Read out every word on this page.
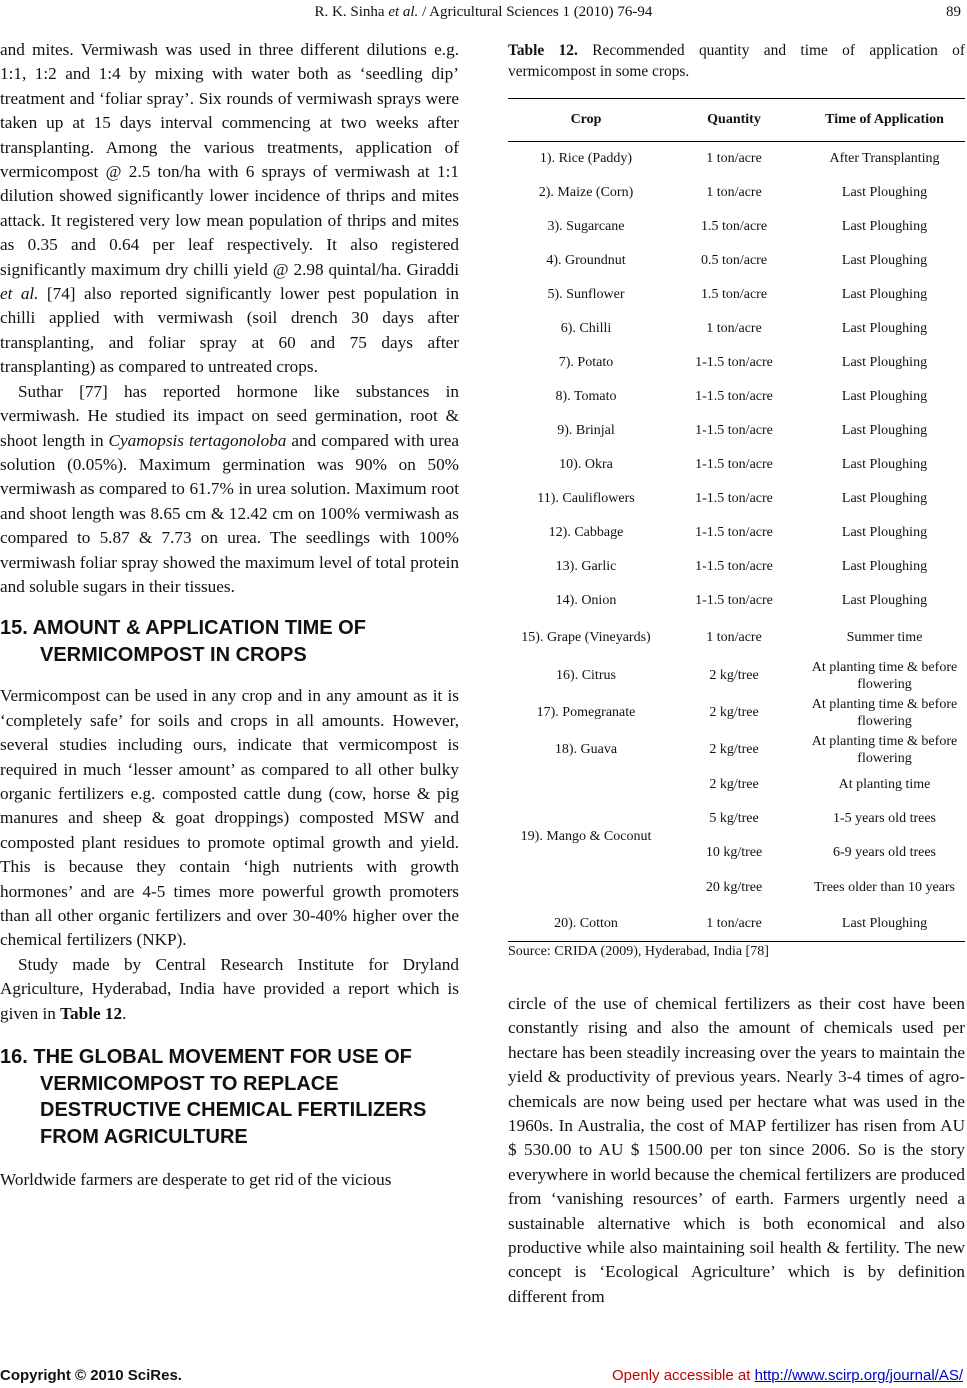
R. K. Sinha et al. / Agricultural Sciences 1 (2010) 76-94	89

and mites. Vermiwash was used in three different dilutions e.g. 1:1, 1:2 and 1:4 by mixing with water both as ‘seedling dip’ treatment and ‘foliar spray’. Six rounds of vermiwash sprays were taken up at 15 days interval commencing at two weeks after transplanting. Among the various treatments, application of vermicompost @ 2.5 ton/ha with 6 sprays of vermiwash at 1:1 dilution showed significantly lower incidence of thrips and mites attack. It registered very low mean population of thrips and mites as 0.35 and 0.64 per leaf respectively. It also registered significantly maximum dry chilli yield @ 2.98 quintal/ha. Giraddi et al. [74] also reported significantly lower pest population in chilli applied with vermiwash (soil drench 30 days after transplanting, and foliar spray at 60 and 75 days after transplanting) as compared to untreated crops.

Suthar [77] has reported hormone like substances in vermiwash. He studied its impact on seed germination, root & shoot length in Cyamopsis tertagonoloba and compared with urea solution (0.05%). Maximum germination was 90% on 50% vermiwash as compared to 61.7% in urea solution. Maximum root and shoot length was 8.65 cm & 12.42 cm on 100% vermiwash as compared to 5.87 & 7.73 on urea. The seedlings with 100% vermiwash foliar spray showed the maximum level of total protein and soluble sugars in their tissues.

15. AMOUNT & APPLICATION TIME OF VERMICOMPOST IN CROPS

Vermicompost can be used in any crop and in any amount as it is ‘completely safe’ for soils and crops in all amounts. However, several studies including ours, indicate that vermicompost is required in much ‘lesser amount’ as compared to all other bulky organic fertilizers e.g. composted cattle dung (cow, horse & pig manures and sheep & goat droppings) composted MSW and composted plant residues to promote optimal growth and yield. This is because they contain ‘high nutrients with growth hormones’ and are 4-5 times more powerful growth promoters than all other organic fertilizers and over 30-40% higher over the chemical fertilizers (NKP).

Study made by Central Research Institute for Dryland Agriculture, Hyderabad, India have provided a report which is given in Table 12.

16. THE GLOBAL MOVEMENT FOR USE OF VERMICOMPOST TO REPLACE DESTRUCTIVE CHEMICAL FERTILIZERS FROM AGRICULTURE

Worldwide farmers are desperate to get rid of the vicious

Table 12. Recommended quantity and time of application of vermicompost in some crops.
Crop	Quantity	Time of Application
1). Rice (Paddy)	1 ton/acre	After Transplanting
2). Maize (Corn)	1 ton/acre	Last Ploughing
3). Sugarcane	1.5 ton/acre	Last Ploughing
4). Groundnut	0.5 ton/acre	Last Ploughing
5). Sunflower	1.5 ton/acre	Last Ploughing
6). Chilli	1 ton/acre	Last Ploughing
7). Potato	1-1.5 ton/acre	Last Ploughing
8). Tomato	1-1.5 ton/acre	Last Ploughing
9). Brinjal	1-1.5 ton/acre	Last Ploughing
10). Okra	1-1.5 ton/acre	Last Ploughing
11). Cauliflowers	1-1.5 ton/acre	Last Ploughing
12). Cabbage	1-1.5 ton/acre	Last Ploughing
13). Garlic	1-1.5 ton/acre	Last Ploughing
14). Onion	1-1.5 ton/acre	Last Ploughing
15). Grape (Vineyards)	1 ton/acre	Summer time
16). Citrus	2 kg/tree	At planting time & before flowering
17). Pomegranate	2 kg/tree	At planting time & before flowering
18). Guava	2 kg/tree	At planting time & before flowering
19). Mango & Coconut	2 kg/tree	At planting time
	5 kg/tree	1-5 years old trees
	10 kg/tree	6-9 years old trees
	20 kg/tree	Trees older than 10 years
20). Cotton	1 ton/acre	Last Ploughing
Source: CRIDA (2009), Hyderabad, India [78]
circle of the use of chemical fertilizers as their cost have been constantly rising and also the amount of chemicals used per hectare has been steadily increasing over the years to maintain the yield & productivity of previous years. Nearly 3-4 times of agro-chemicals are now being used per hectare what was used in the 1960s. In Australia, the cost of MAP fertilizer has risen from AU $ 530.00 to AU $ 1500.00 per ton since 2006. So is the story everywhere in world because the chemical fertilizers are produced from ‘vanishing resources’ of earth. Farmers urgently need a sustainable alternative which is both economical and also productive while also maintaining soil health & fertility. The new concept is ‘Ecological Agriculture’ which is by definition different from
Copyright © 2010 SciRes.	Openly accessible at http://www.scirp.org/journal/AS/
